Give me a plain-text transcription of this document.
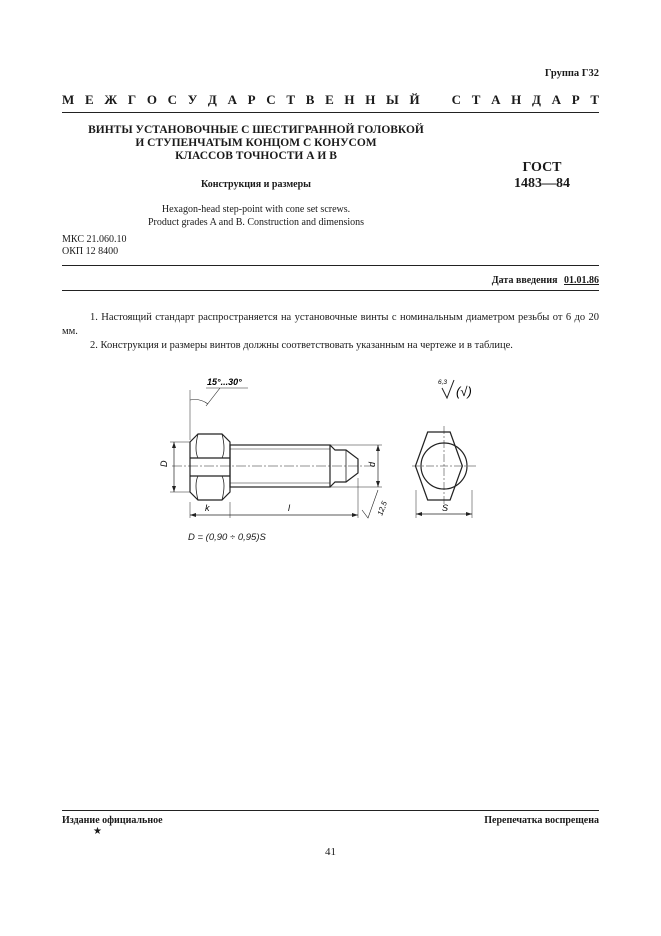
Группа Г32
М Е Ж Г О С У Д А Р С Т В Е Н Н Ы Й   С Т А Н Д А Р Т
ВИНТЫ УСТАНОВОЧНЫЕ С ШЕСТИГРАННОЙ ГОЛОВКОЙ
И СТУПЕНЧАТЫМ КОНЦОМ С КОНУСОМ
КЛАССОВ ТОЧНОСТИ А И В
Конструкция и размеры
ГОСТ
1483—84
Hexagon-head step-point with cone set screws.
Product grades A and B. Construction and dimensions
МКС 21.060.10
ОКП 12 8400
Дата введения 01.01.86
1. Настоящий стандарт распространяется на установочные винты с номинальным диаметром резьбы от 6 до 20 мм.
2. Конструкция и размеры винтов должны соответствовать указанным на чертеже и в таблице.
15°...30°	6,3
(√)
D	d
k	l	S
12,5
D = (0,90 ÷ 0,95)S
Издание официальное
★
Перепечатка воспрещена
41
